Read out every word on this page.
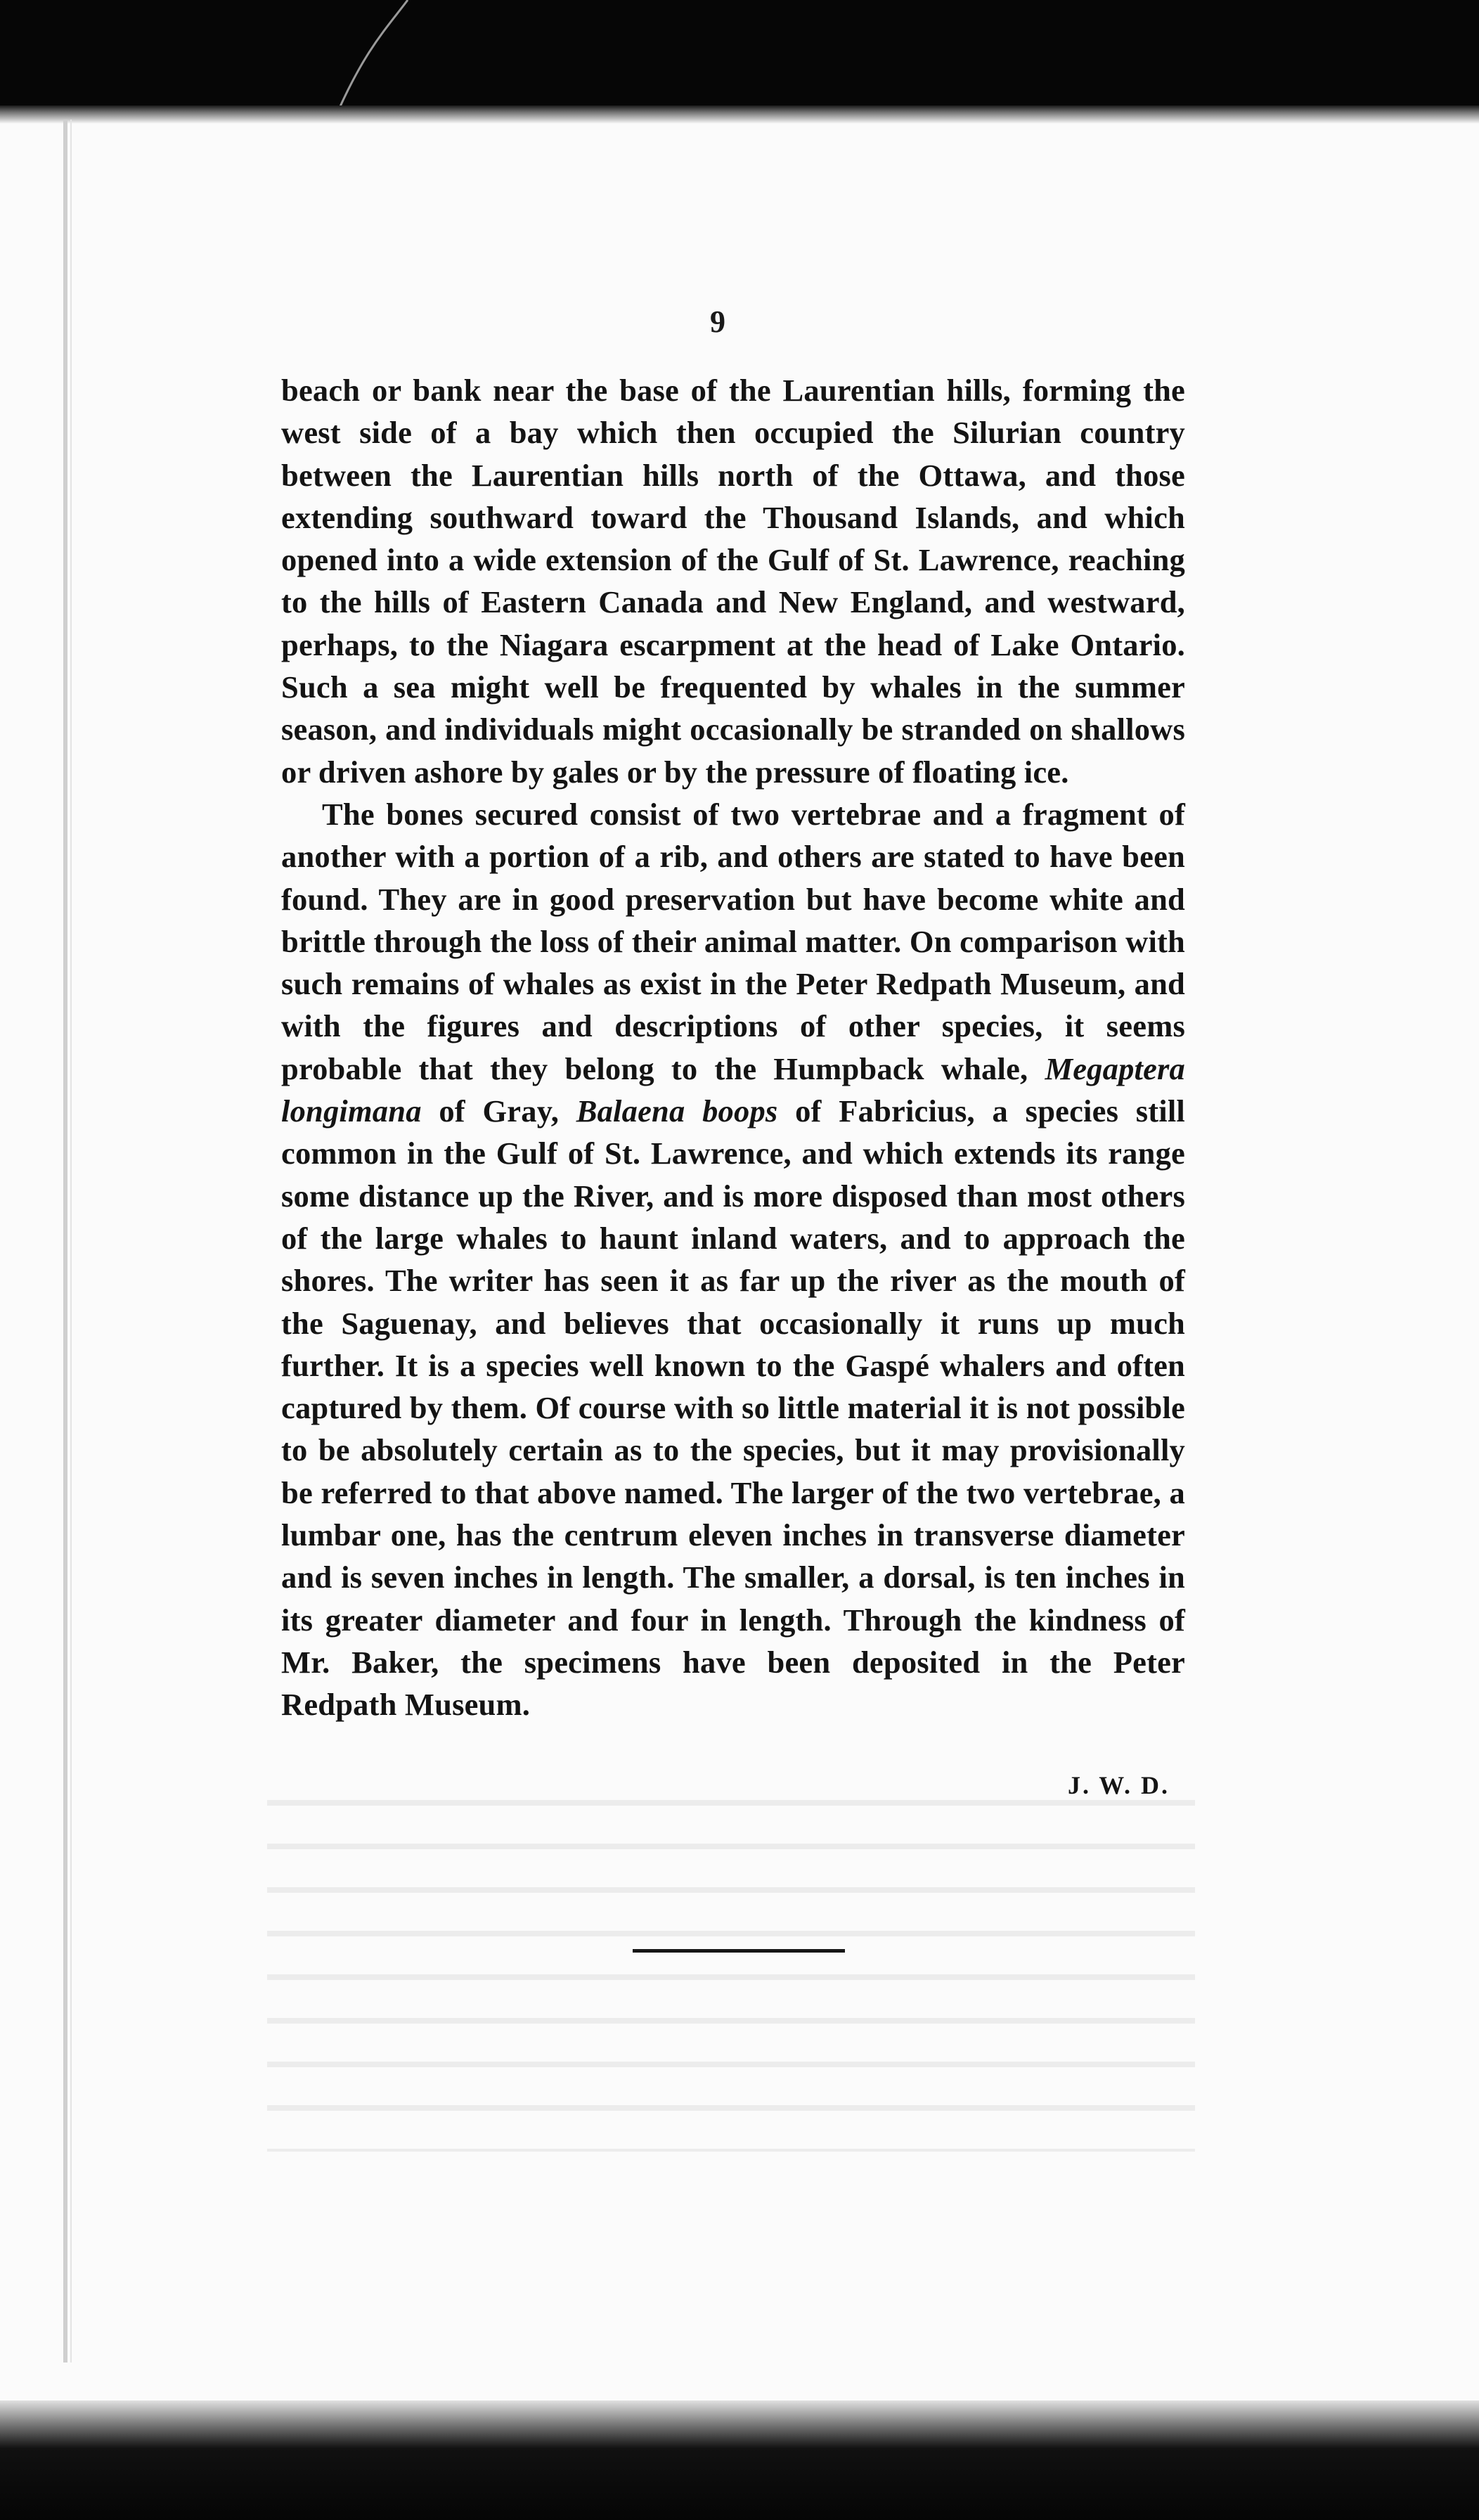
9

beach or bank near the base of the Laurentian hills, forming the west side of a bay which then occupied the Silurian country between the Laurentian hills north of the Ottawa, and those extending southward toward the Thousand Islands, and which opened into a wide extension of the Gulf of St. Lawrence, reaching to the hills of Eastern Canada and New England, and westward, perhaps, to the Niagara escarpment at the head of Lake Ontario. Such a sea might well be frequented by whales in the summer season, and individuals might occasionally be stranded on shallows or driven ashore by gales or by the pressure of floating ice.

The bones secured consist of two vertebrae and a fragment of another with a portion of a rib, and others are stated to have been found. They are in good preservation but have become white and brittle through the loss of their animal matter. On comparison with such remains of whales as exist in the Peter Redpath Museum, and with the figures and descriptions of other species, it seems probable that they belong to the Humpback whale, Megaptera longimana of Gray, Balaena boops of Fabricius, a species still common in the Gulf of St. Lawrence, and which extends its range some distance up the River, and is more disposed than most others of the large whales to haunt inland waters, and to approach the shores. The writer has seen it as far up the river as the mouth of the Saguenay, and believes that occasionally it runs up much further. It is a species well known to the Gaspé whalers and often captured by them. Of course with so little material it is not possible to be absolutely certain as to the species, but it may provisionally be referred to that above named. The larger of the two vertebrae, a lumbar one, has the centrum eleven inches in transverse diameter and is seven inches in length. The smaller, a dorsal, is ten inches in its greater diameter and four in length. Through the kindness of Mr. Baker, the specimens have been deposited in the Peter Redpath Museum.

J. W. D.
